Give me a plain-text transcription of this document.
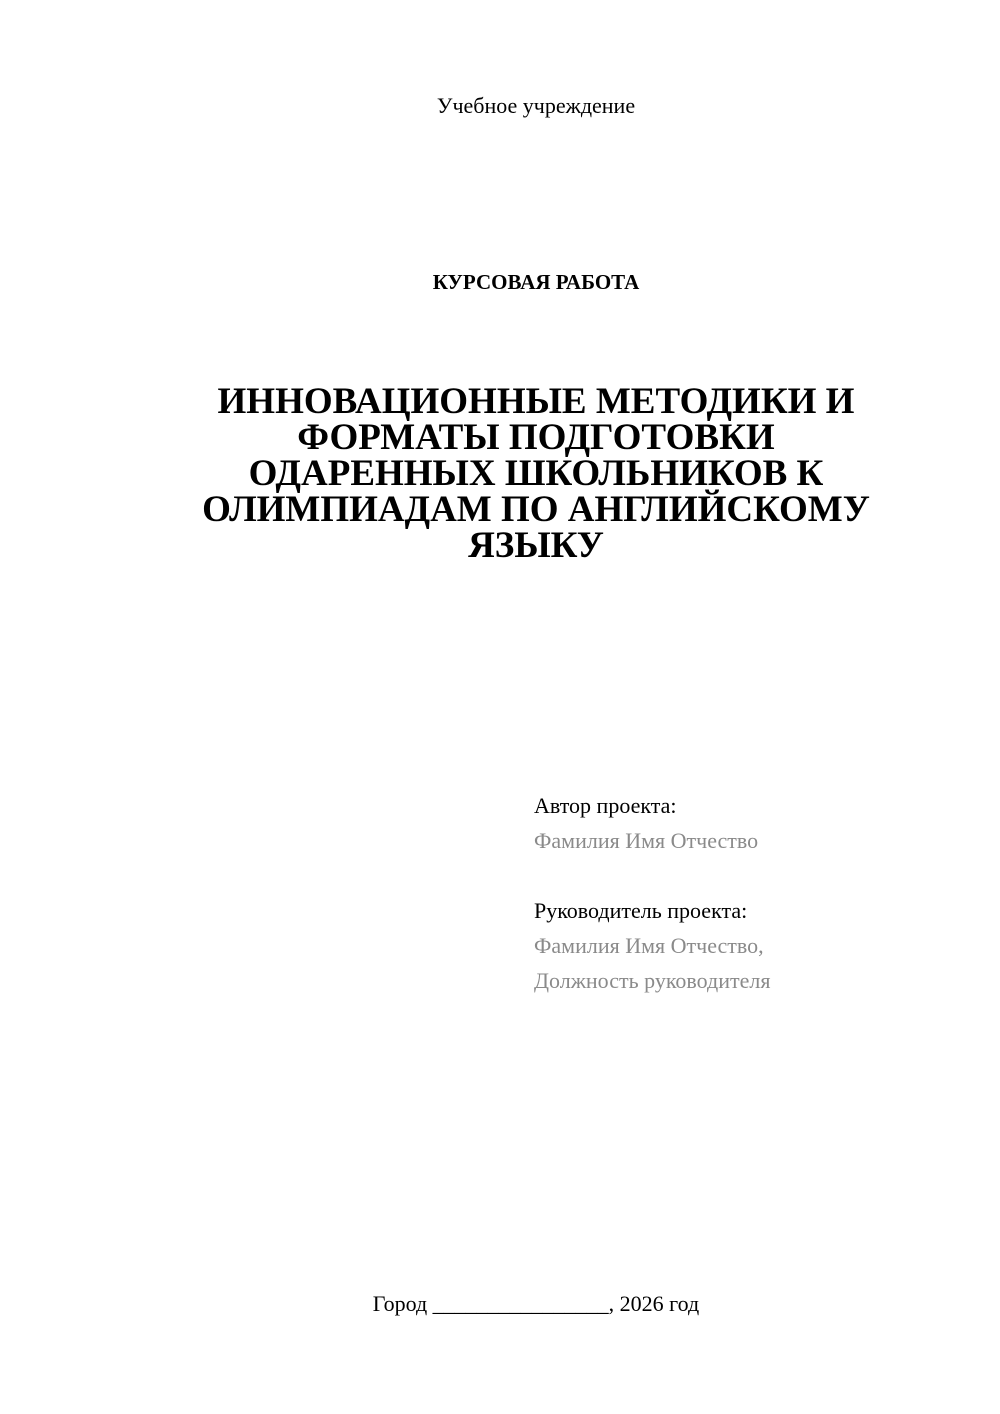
Учебное учреждение
КУРСОВАЯ РАБОТА
ИННОВАЦИОННЫЕ МЕТОДИКИ И
ФОРМАТЫ ПОДГОТОВКИ
ОДАРЕННЫХ ШКОЛЬНИКОВ К
ОЛИМПИАДАМ ПО АНГЛИЙСКОМУ
ЯЗЫКУ
Автор проекта:
Фамилия Имя Отчество
Руководитель проекта:
Фамилия Имя Отчество,
Должность руководителя
Город ________________, 2026 год
